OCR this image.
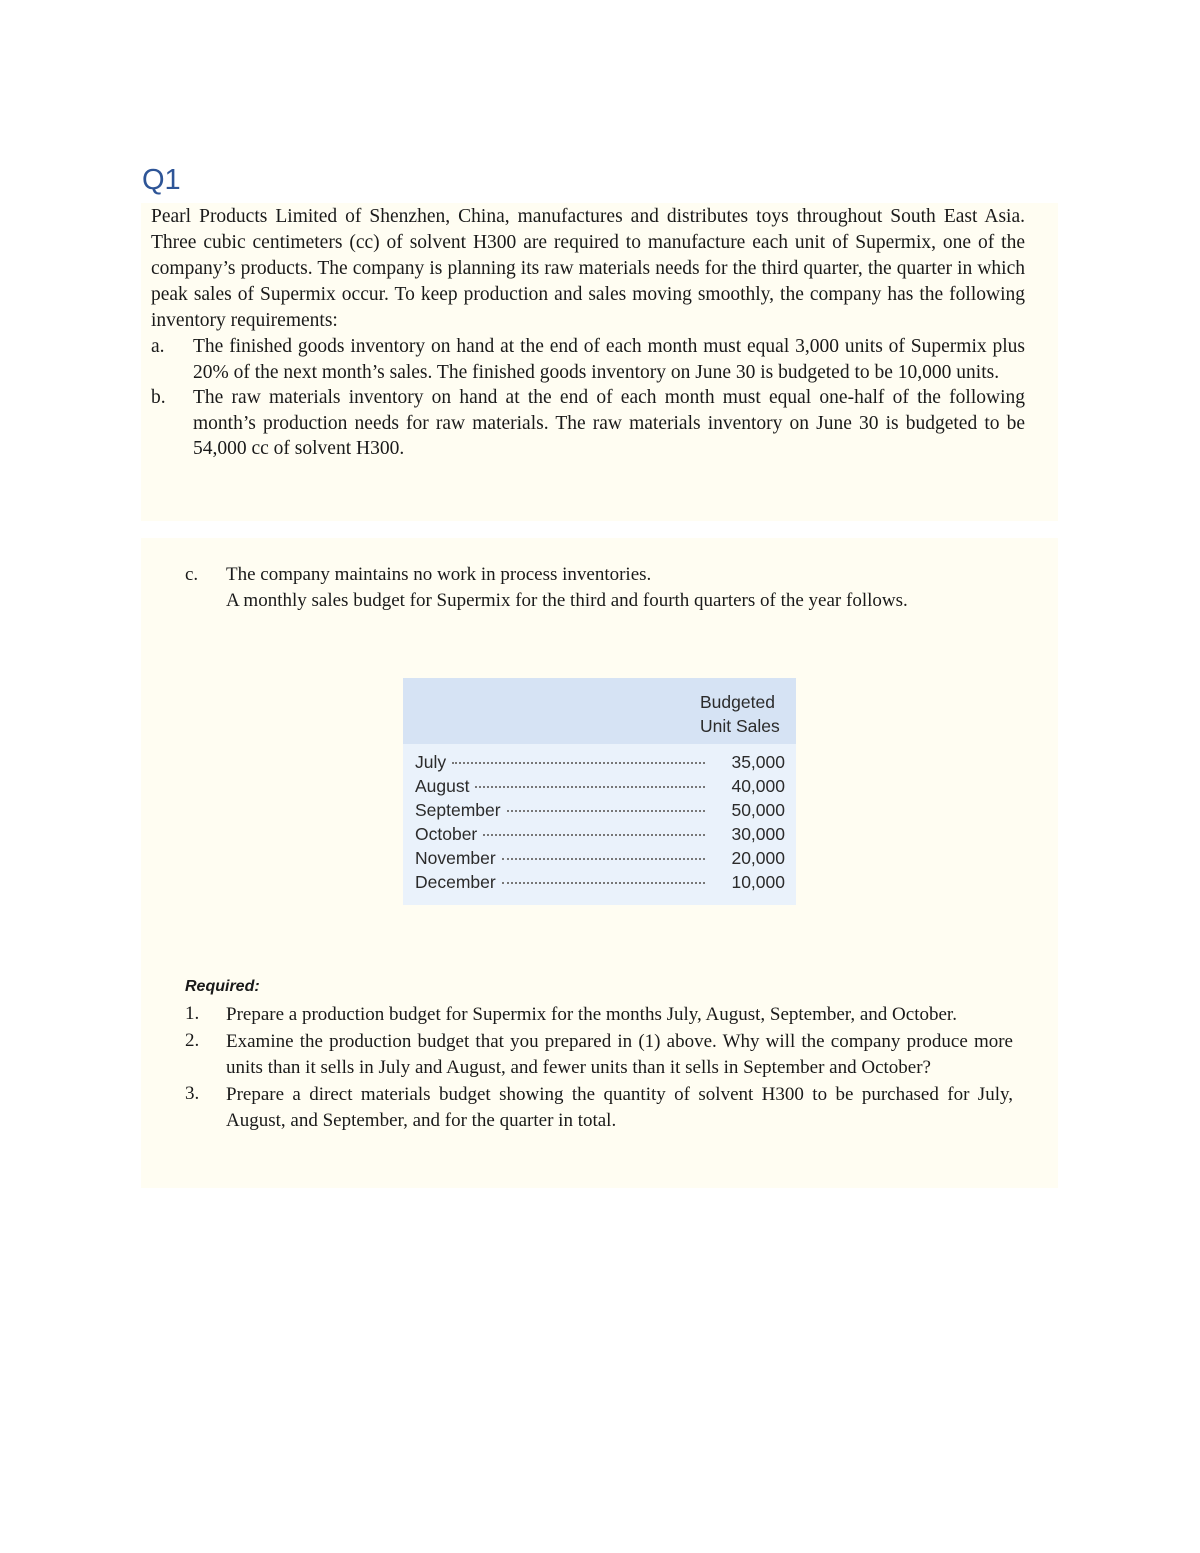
Q1

Pearl Products Limited of Shenzhen, China, manufactures and distributes toys throughout South East Asia. Three cubic centimeters (cc) of solvent H300 are required to manufacture each unit of Supermix, one of the company’s products. The company is planning its raw materials needs for the third quarter, the quarter in which peak sales of Supermix occur. To keep production and sales moving smoothly, the company has the following inventory requirements:

a.	The finished goods inventory on hand at the end of each month must equal 3,000 units of Supermix plus 20% of the next month’s sales. The finished goods inventory on June 30 is budgeted to be 10,000 units.
b.	The raw materials inventory on hand at the end of each month must equal one-half of the following month’s production needs for raw materials. The raw materials inventory on June 30 is budgeted to be 54,000 cc of solvent H300.
c.	The company maintains no work in process inventories.
A monthly sales budget for Supermix for the third and fourth quarters of the year follows.
Budgeted
Unit Sales
July	35,000
August	40,000
September	50,000
October	30,000
November	20,000
December	10,000

Required:

1.	Prepare a production budget for Supermix for the months July, August, September, and October.
2.	Examine the production budget that you prepared in (1) above. Why will the company produce more units than it sells in July and August, and fewer units than it sells in September and October?
3.	Prepare a direct materials budget showing the quantity of solvent H300 to be purchased for July, August, and September, and for the quarter in total.
